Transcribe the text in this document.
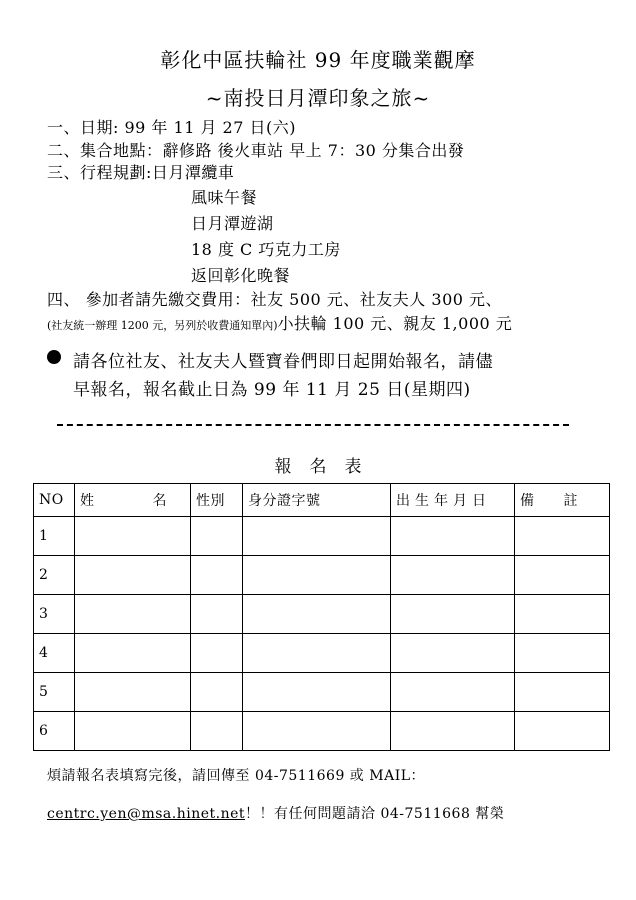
彰化中區扶輪社 99 年度職業觀摩
~南投日月潭印象之旅~
一、日期: 99 年 11 月 27 日(六)
二、集合地點：辭修路 後火車站 早上 7：30 分集合出發
三、行程規劃:日月潭纜車
風味午餐
日月潭遊湖
18 度 C 巧克力工房
返回彰化晚餐
四、 參加者請先繳交費用：社友 500 元、社友夫人 300 元、
(社友統一辦理 1200 元，另列於收費通知單內)小扶輪 100 元、親友 1,000 元
請各位社友、社友夫人暨寶眷們即日起開始報名，請儘
早報名，報名截止日為 99 年 11 月 25 日(星期四)
報名表
NO	姓　　　　名	性別	身分證字號	出生年月日	備　　註
1					
2					
3					
4					
5					
6					
煩請報名表填寫完後，請回傳至 04-7511669 或 MAIL：
centrc.yen@msa.hinet.net！！有任何問題請洽 04-7511668 幫榮
